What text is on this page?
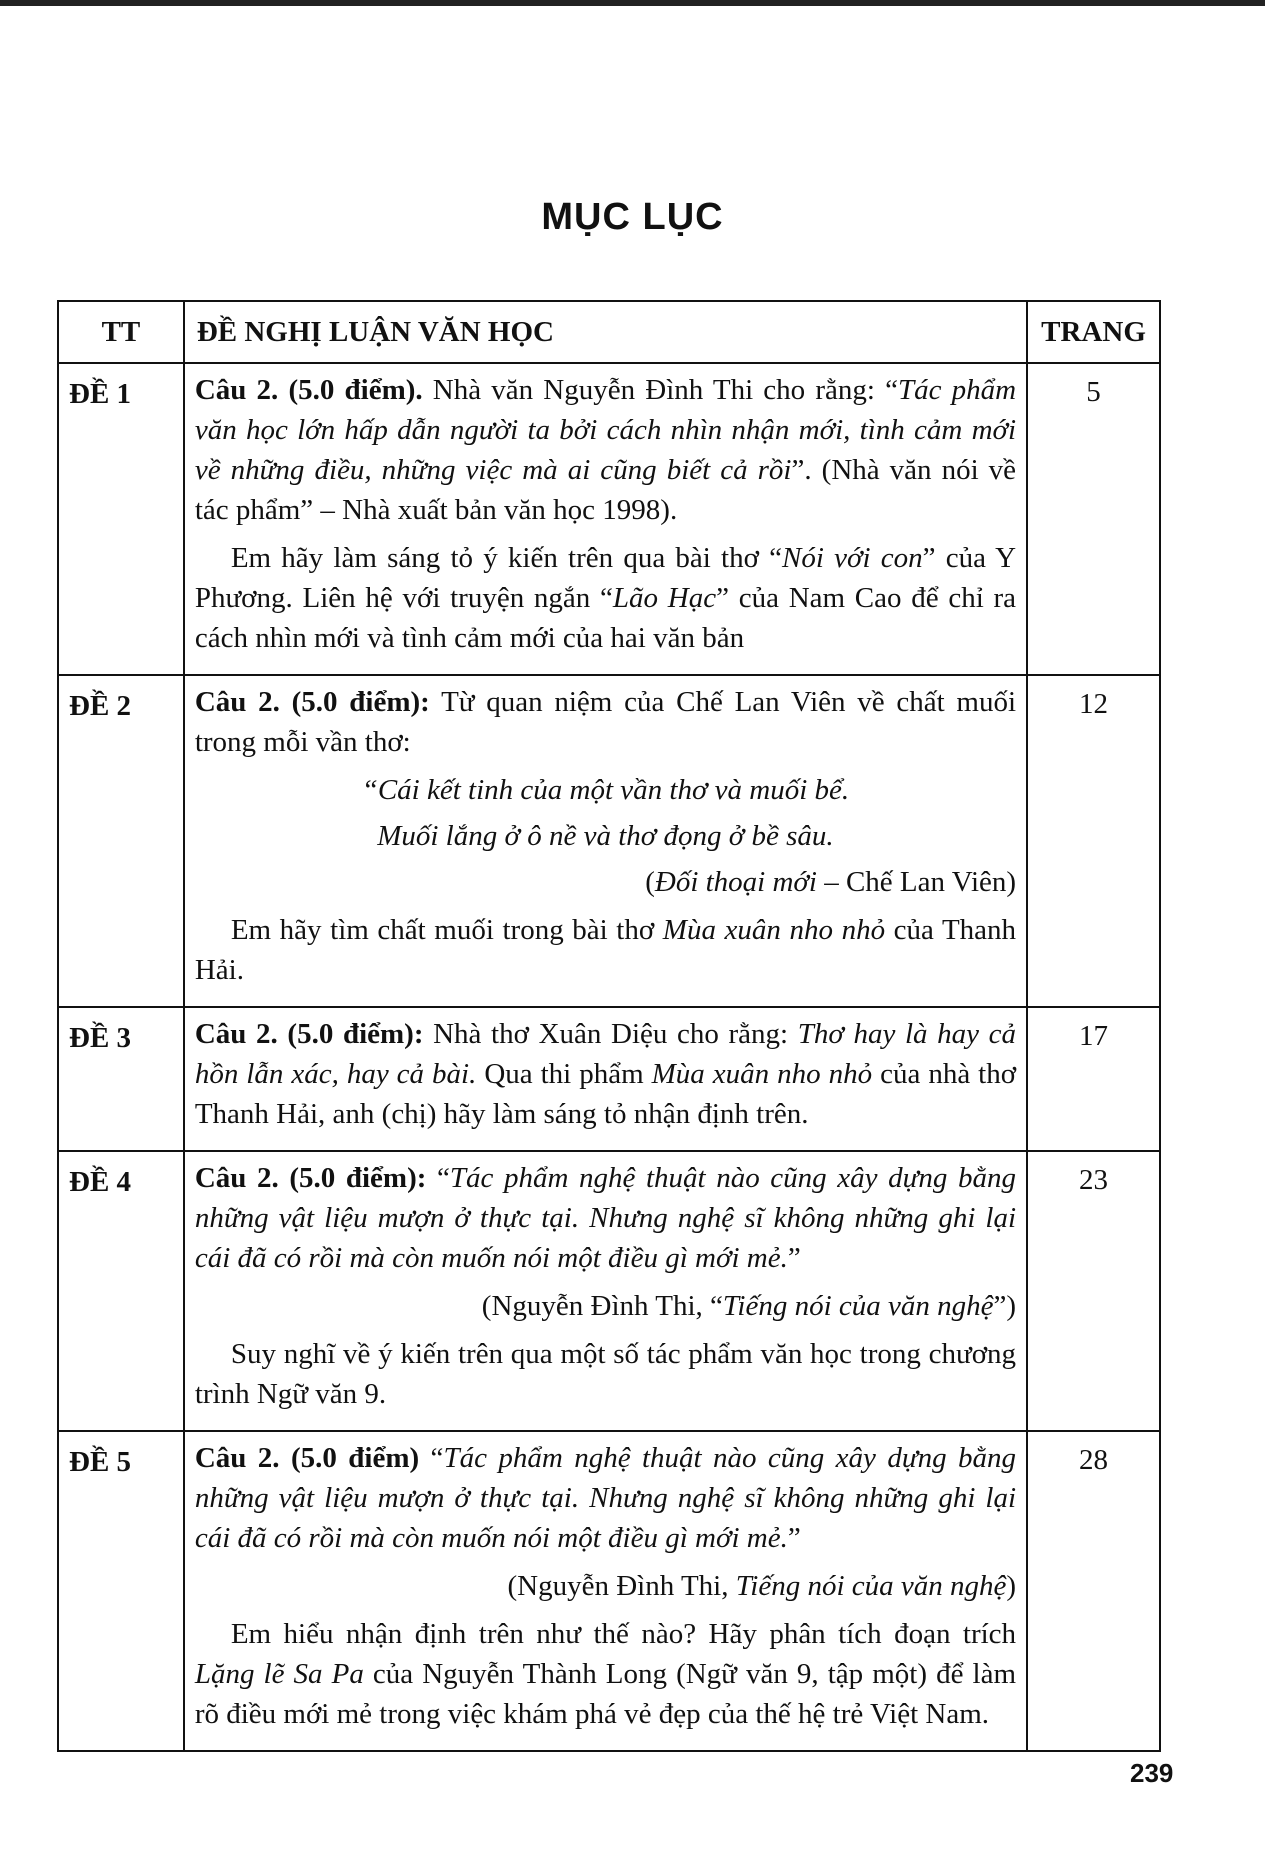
MỤC LỤC
TT	ĐỀ NGHỊ LUẬN VĂN HỌC	TRANG
ĐỀ 1	Câu 2. (5.0 điểm). Nhà văn Nguyễn Đình Thi cho rằng: “Tác phẩm văn học lớn hấp dẫn người ta bởi cách nhìn nhận mới, tình cảm mới về những điều, những việc mà ai cũng biết cả rồi”. (Nhà văn nói về tác phẩm” – Nhà xuất bản văn học 1998).

Em hãy làm sáng tỏ ý kiến trên qua bài thơ “Nói với con” của Y Phương. Liên hệ với truyện ngắn “Lão Hạc” của Nam Cao để chỉ ra cách nhìn mới và tình cảm mới của hai văn bản	5
ĐỀ 2	Câu 2. (5.0 điểm): Từ quan niệm của Chế Lan Viên về chất muối trong mỗi vần thơ:

“Cái kết tinh của một vần thơ và muối bể.

Muối lắng ở ô nề và thơ đọng ở bề sâu.

(Đối thoại mới – Chế Lan Viên)

Em hãy tìm chất muối trong bài thơ Mùa xuân nho nhỏ của Thanh Hải.	12
ĐỀ 3	Câu 2. (5.0 điểm): Nhà thơ Xuân Diệu cho rằng: Thơ hay là hay cả hồn lẫn xác, hay cả bài. Qua thi phẩm Mùa xuân nho nhỏ của nhà thơ Thanh Hải, anh (chị) hãy làm sáng tỏ nhận định trên.	17
ĐỀ 4	Câu 2. (5.0 điểm): “Tác phẩm nghệ thuật nào cũng xây dựng bằng những vật liệu mượn ở thực tại. Nhưng nghệ sĩ không những ghi lại cái đã có rồi mà còn muốn nói một điều gì mới mẻ.”

(Nguyễn Đình Thi, “Tiếng nói của văn nghệ”)

Suy nghĩ về ý kiến trên qua một số tác phẩm văn học trong chương trình Ngữ văn 9.	23
ĐỀ 5	Câu 2. (5.0 điểm) “Tác phẩm nghệ thuật nào cũng xây dựng bằng những vật liệu mượn ở thực tại. Nhưng nghệ sĩ không những ghi lại cái đã có rồi mà còn muốn nói một điều gì mới mẻ.”

(Nguyễn Đình Thi, Tiếng nói của văn nghệ)

Em hiểu nhận định trên như thế nào? Hãy phân tích đoạn trích Lặng lẽ Sa Pa của Nguyễn Thành Long (Ngữ văn 9, tập một) để làm rõ điều mới mẻ trong việc khám phá vẻ đẹp của thế hệ trẻ Việt Nam.	28
239
